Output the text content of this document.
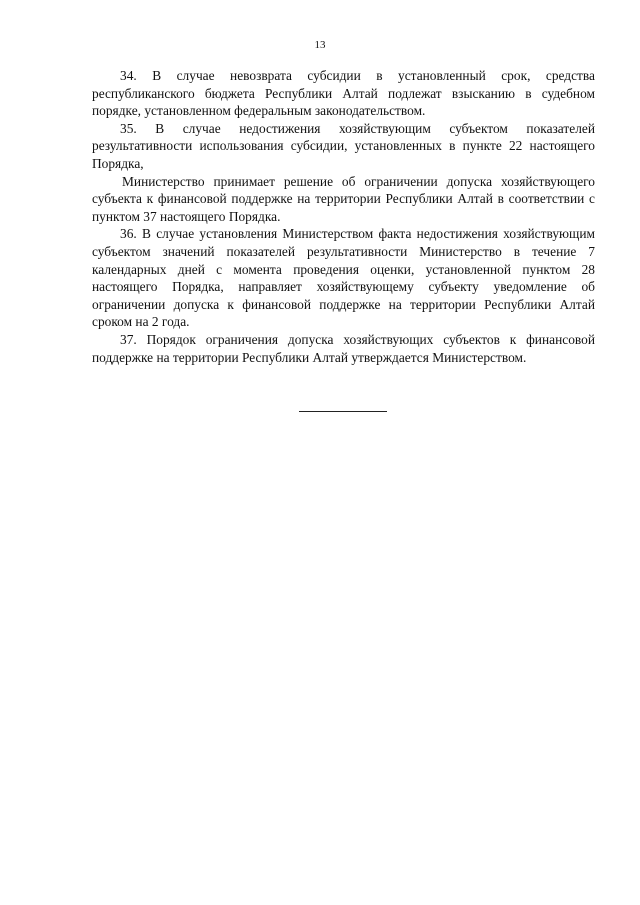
13

34. В случае невозврата субсидии в установленный срок, средства республиканского бюджета Республики Алтай подлежат взысканию в судебном порядке, установленном федеральным законодательством.

35. В случае недостижения хозяйствующим субъектом показателей результативности использования субсидии, установленных в пункте 22 настоящего Порядка,

Министерство принимает решение об ограничении допуска хозяйствующего субъекта к финансовой поддержке на территории Республики Алтай в соответствии с пунктом 37 настоящего Порядка.

36. В случае установления Министерством факта недостижения хозяйствующим субъектом значений показателей результативности Министерство в течение 7 календарных дней с момента проведения оценки, установленной пунктом 28 настоящего Порядка, направляет хозяйствующему субъекту уведомление об ограничении допуска к финансовой поддержке на территории Республики Алтай сроком на 2 года.

37. Порядок ограничения допуска хозяйствующих субъектов к финансовой поддержке на территории Республики Алтай утверждается Министерством.
